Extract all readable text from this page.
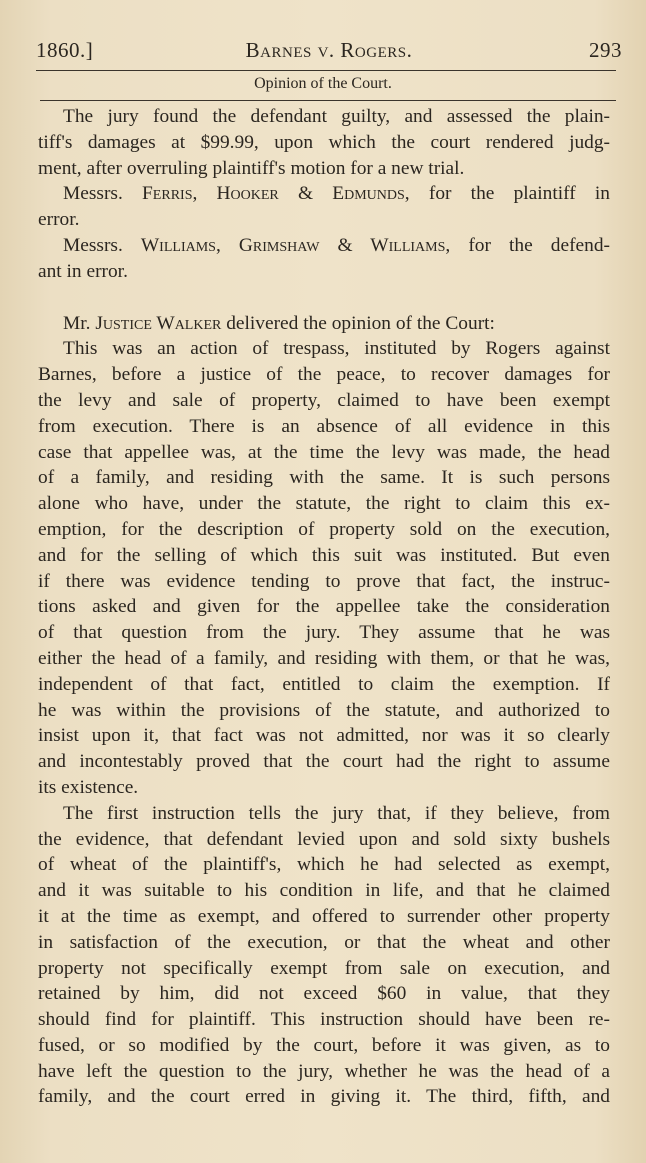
1860.]	Barnes v. Rogers.	293
Opinion of the Court.
The jury found the defendant guilty, and assessed the plain-
tiff's damages at $99.99, upon which the court rendered judg-
ment, after overruling plaintiff's motion for a new trial.
Messrs. Ferris, Hooker & Edmunds, for the plaintiff in
error.
Messrs. Williams, Grimshaw & Williams, for the defend-
ant in error.
Mr. Justice Walker delivered the opinion of the Court:
This was an action of trespass, instituted by Rogers against
Barnes, before a justice of the peace, to recover damages for
the levy and sale of property, claimed to have been exempt
from execution. There is an absence of all evidence in this
case that appellee was, at the time the levy was made, the head
of a family, and residing with the same. It is such persons
alone who have, under the statute, the right to claim this ex-
emption, for the description of property sold on the execution,
and for the selling of which this suit was instituted. But even
if there was evidence tending to prove that fact, the instruc-
tions asked and given for the appellee take the consideration
of that question from the jury. They assume that he was
either the head of a family, and residing with them, or that he was,
independent of that fact, entitled to claim the exemption. If
he was within the provisions of the statute, and authorized to
insist upon it, that fact was not admitted, nor was it so clearly
and incontestably proved that the court had the right to assume
its existence.
The first instruction tells the jury that, if they believe, from
the evidence, that defendant levied upon and sold sixty bushels
of wheat of the plaintiff's, which he had selected as exempt,
and it was suitable to his condition in life, and that he claimed
it at the time as exempt, and offered to surrender other property
in satisfaction of the execution, or that the wheat and other
property not specifically exempt from sale on execution, and
retained by him, did not exceed $60 in value, that they
should find for plaintiff. This instruction should have been re-
fused, or so modified by the court, before it was given, as to
have left the question to the jury, whether he was the head of a
family, and the court erred in giving it. The third, fifth, and
